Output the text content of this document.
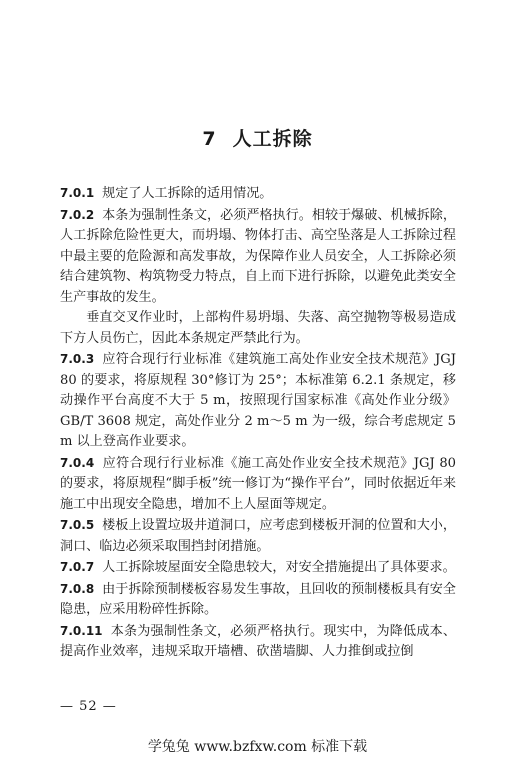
7 人工拆除

7.0.1 规定了人工拆除的适用情况。

7.0.2 本条为强制性条文，必须严格执行。相较于爆破、机械拆除，人工拆除危险性更大，而坍塌、物体打击、高空坠落是人工拆除过程中最主要的危险源和高发事故，为保障作业人员安全，人工拆除必须结合建筑物、构筑物受力特点，自上而下进行拆除，以避免此类安全生产事故的发生。

垂直交叉作业时，上部构件易坍塌、失落、高空抛物等极易造成下方人员伤亡，因此本条规定严禁此行为。

7.0.3 应符合现行行业标准《建筑施工高处作业安全技术规范》JGJ 80 的要求，将原规程 30°修订为 25°；本标准第 6.2.1 条规定，移动操作平台高度不大于 5 m，按照现行国家标准《高处作业分级》GB/T 3608 规定，高处作业分 2 m～5 m 为一级，综合考虑规定 5 m 以上登高作业要求。

7.0.4 应符合现行行业标准《施工高处作业安全技术规范》JGJ 80 的要求，将原规程“脚手板”统一修订为“操作平台”，同时依据近年来施工中出现安全隐患，增加不上人屋面等规定。

7.0.5 楼板上设置垃圾井道洞口，应考虑到楼板开洞的位置和大小，洞口、临边必须采取围挡封闭措施。

7.0.7 人工拆除坡屋面安全隐患较大，对安全措施提出了具体要求。

7.0.8 由于拆除预制楼板容易发生事故，且回收的预制楼板具有安全隐患，应采用粉碎性拆除。

7.0.11 本条为强制性条文，必须严格执行。现实中，为降低成本、提高作业效率，违规采取开墙槽、砍凿墙脚、人力推倒或拉倒

— 52 —
学兔兔 www.bzfxw.com 标准下载
